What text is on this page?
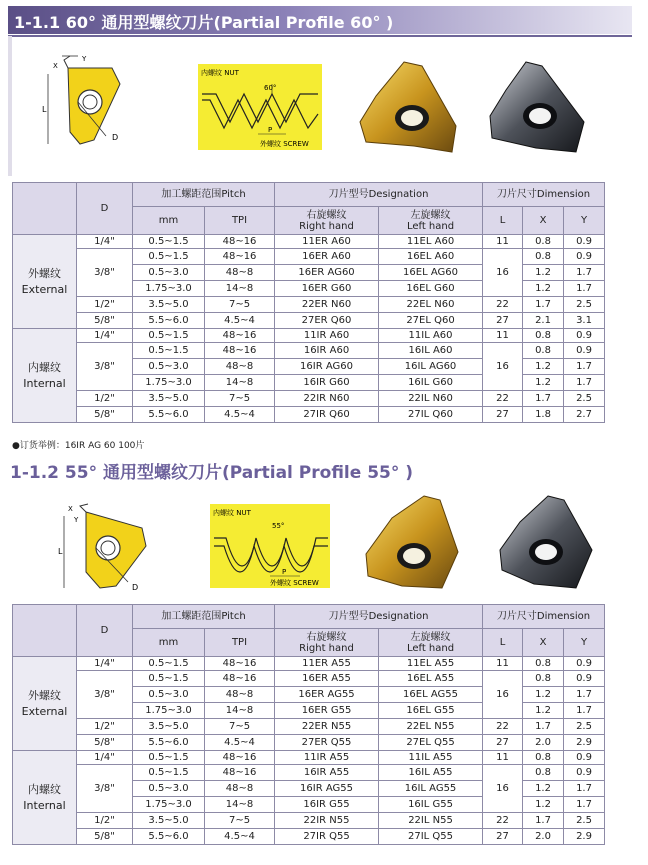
1-1.1 60° 通用型螺纹刀片(Partial Profile 60° )
L
X
Y
D
内螺纹 NUT
60°
P
外螺纹 SCREW
	D	加工螺距范围Pitch		刀片型号Designation		刀片尺寸Dimension		
		mm	TPI	右旋螺纹
Right hand	左旋螺纹
Left hand	L	X	Y
外螺纹
External	1/4"	0.5~1.5	48~16	11ER A60	11EL A60	11	0.8	0.9
	3/8"	0.5~1.5	48~16	16ER A60	16EL A60	16	0.8	0.9
		0.5~3.0	48~8	16ER AG60	16EL AG60		1.2	1.7
		1.75~3.0	14~8	16ER G60	16EL G60		1.2	1.7
	1/2"	3.5~5.0	7~5	22ER N60	22EL N60	22	1.7	2.5
	5/8"	5.5~6.0	4.5~4	27ER Q60	27EL Q60	27	2.1	3.1
内螺纹
Internal	1/4"	0.5~1.5	48~16	11IR A60	11IL A60	11	0.8	0.9
	3/8"	0.5~1.5	48~16	16IR A60	16IL A60	16	0.8	0.9
		0.5~3.0	48~8	16IR AG60	16IL AG60		1.2	1.7
		1.75~3.0	14~8	16IR G60	16IL G60		1.2	1.7
	1/2"	3.5~5.0	7~5	22IR N60	22IL N60	22	1.7	2.5
	5/8"	5.5~6.0	4.5~4	27IR Q60	27IL Q60	27	1.8	2.7
●订货举例：16IR AG 60 100片
1-1.2 55° 通用型螺纹刀片(Partial Profile 55° )
L
X
Y
D
内螺纹 NUT
55°
P
外螺纹 SCREW
	D	加工螺距范围Pitch		刀片型号Designation		刀片尺寸Dimension		
		mm	TPI	右旋螺纹
Right hand	左旋螺纹
Left hand	L	X	Y
外螺纹
External	1/4"	0.5~1.5	48~16	11ER A55	11EL A55	11	0.8	0.9
	3/8"	0.5~1.5	48~16	16ER A55	16EL A55	16	0.8	0.9
		0.5~3.0	48~8	16ER AG55	16EL AG55		1.2	1.7
		1.75~3.0	14~8	16ER G55	16EL G55		1.2	1.7
	1/2"	3.5~5.0	7~5	22ER N55	22EL N55	22	1.7	2.5
	5/8"	5.5~6.0	4.5~4	27ER Q55	27EL Q55	27	2.0	2.9
内螺纹
Internal	1/4"	0.5~1.5	48~16	11IR A55	11IL A55	11	0.8	0.9
	3/8"	0.5~1.5	48~16	16IR A55	16IL A55	16	0.8	0.9
		0.5~3.0	48~8	16IR AG55	16IL AG55		1.2	1.7
		1.75~3.0	14~8	16IR G55	16IL G55		1.2	1.7
	1/2"	3.5~5.0	7~5	22IR N55	22IL N55	22	1.7	2.5
	5/8"	5.5~6.0	4.5~4	27IR Q55	27IL Q55	27	2.0	2.9
